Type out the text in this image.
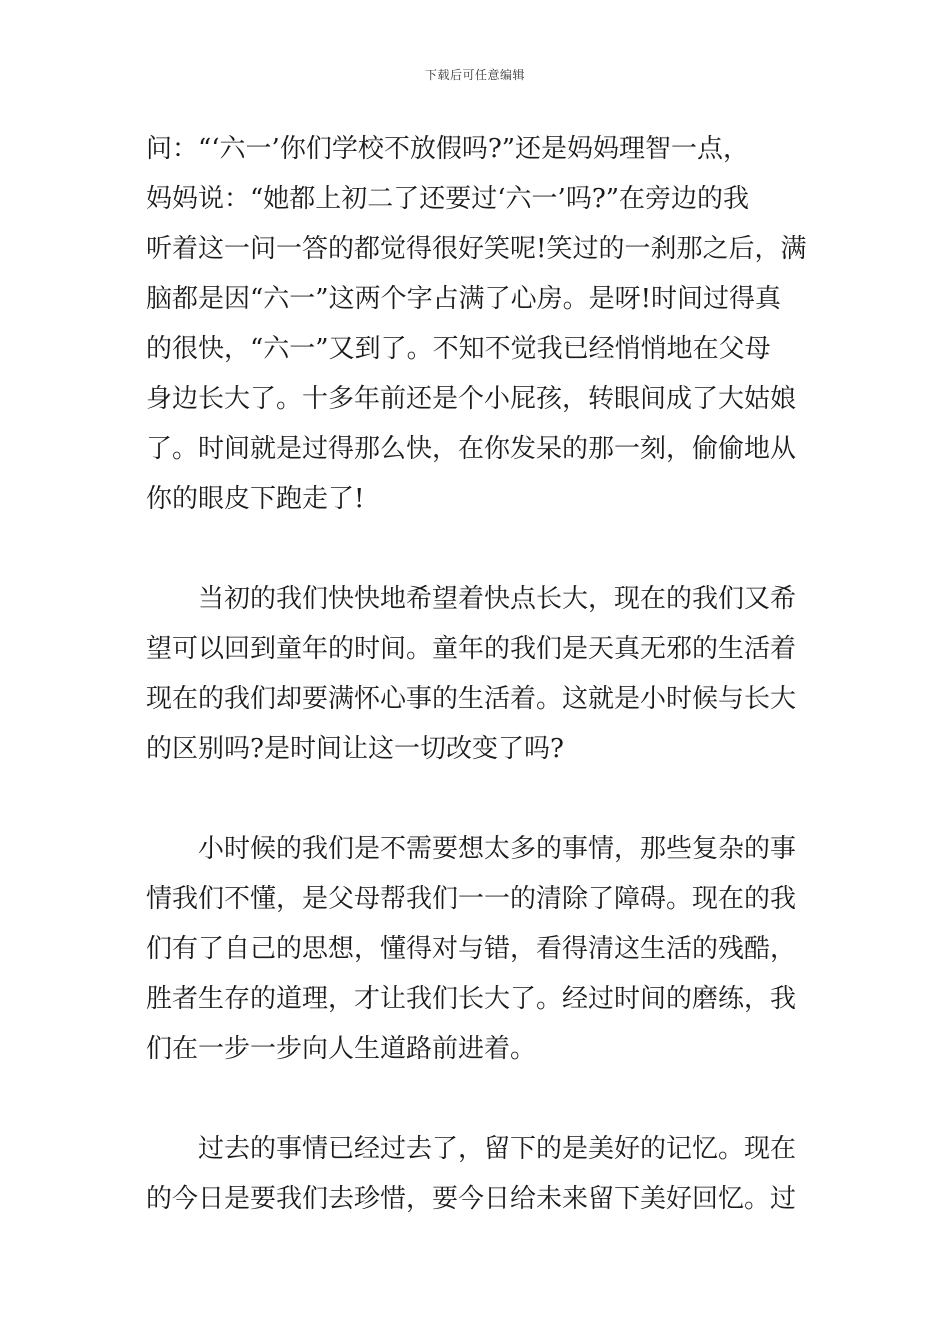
下载后可任意编辑
问：“‘六一’你们学校不放假吗?”还是妈妈理智一点，
妈妈说：“她都上初二了还要过‘六一’吗?”在旁边的我
听着这一问一答的都觉得很好笑呢!笑过的一刹那之后，满
脑都是因“六一”这两个字占满了心房。是呀!时间过得真
的很快，“六一”又到了。不知不觉我已经悄悄地在父母
身边长大了。十多年前还是个小屁孩，转眼间成了大姑娘
了。时间就是过得那么快，在你发呆的那一刻，偷偷地从
你的眼皮下跑走了!
　　当初的我们快快地希望着快点长大，现在的我们又希
望可以回到童年的时间。童年的我们是天真无邪的生活着
现在的我们却要满怀心事的生活着。这就是小时候与长大
的区别吗?是时间让这一切改变了吗?
　　小时候的我们是不需要想太多的事情，那些复杂的事
情我们不懂，是父母帮我们一一的清除了障碍。现在的我
们有了自己的思想，懂得对与错，看得清这生活的残酷，
胜者生存的道理，才让我们长大了。经过时间的磨练，我
们在一步一步向人生道路前进着。
　　过去的事情已经过去了，留下的是美好的记忆。现在
的今日是要我们去珍惜，要今日给未来留下美好回忆。过
